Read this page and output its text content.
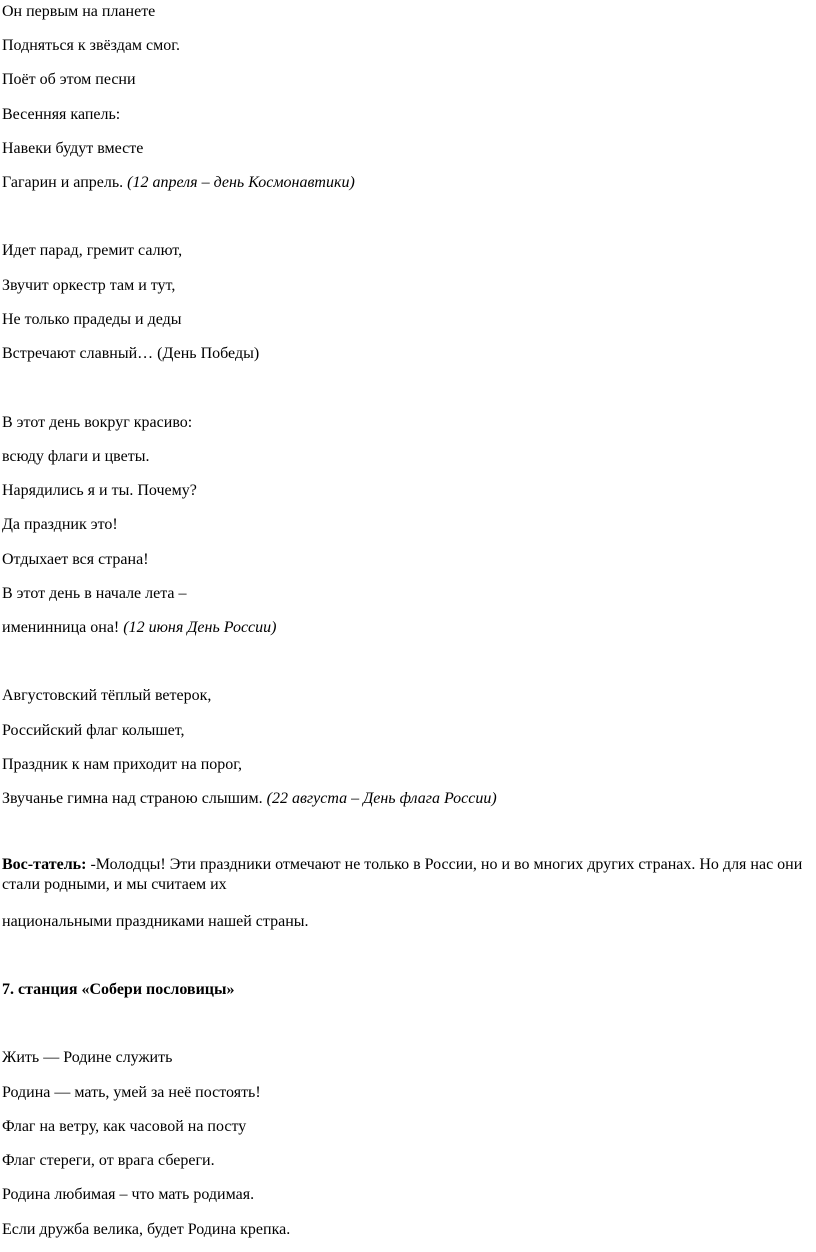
Он первым на планете
Подняться к звёздам смог.
Поёт об этом песни
Весенняя капель:
Навеки будут вместе
Гагарин и апрель. (12 апреля – день Космонавтики)
Идет парад, гремит салют,
Звучит оркестр там и тут,
Не только прадеды и деды
Встречают славный… (День Победы)
В этот день вокруг красиво:
всюду флаги и цветы.
Нарядились я и ты. Почему?
Да праздник это!
Отдыхает вся страна!
В этот день в начале лета –
именинница она! (12 июня День России)
Августовский тёплый ветерок,
Российский флаг колышет,
Праздник к нам приходит на порог,
Звучанье гимна над страною слышим. (22 августа – День флага России)
Вос-татель: -Молодцы! Эти праздники отмечают не только в России, но и во многих других странах. Но для нас они стали родными, и мы считаем их
национальными праздниками нашей страны.
7. станция «Собери пословицы»
Жить — Родине служить
Родина — мать, умей за неё постоять!
Флаг на ветру, как часовой на посту
Флаг стереги, от врага сбереги.
Родина любимая – что мать родимая.
Если дружба велика, будет Родина крепка.
